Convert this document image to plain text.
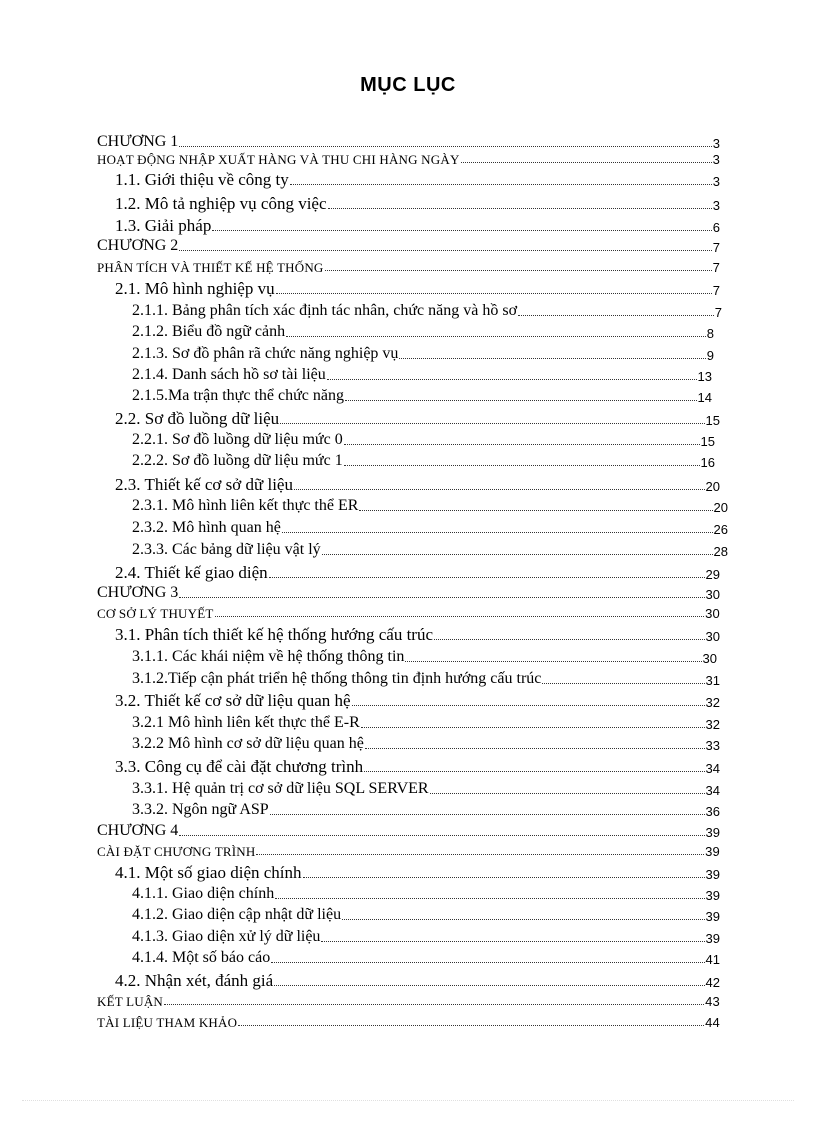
MỤC LỤC
CHƯƠNG 1	3
HOẠT ĐỘNG NHẬP XUẤT HÀNG VÀ THU CHI HÀNG NGÀY	3
1.1. Giới thiệu về công ty	3
1.2. Mô tả nghiệp vụ công việc	3
1.3. Giải pháp	6
CHƯƠNG 2	7
PHÂN TÍCH VÀ THIẾT KẾ HỆ THỐNG	7
2.1. Mô hình nghiệp vụ	7
2.1.1. Bảng phân tích xác định tác nhân, chức năng và hồ sơ	7
2.1.2. Biểu đồ ngữ cảnh	8
2.1.3. Sơ đồ phân rã chức năng nghiệp vụ	9
2.1.4. Danh sách hồ sơ tài liệu	13
2.1.5.Ma trận thực thể chức năng	14
2.2. Sơ đồ luồng dữ liệu	15
2.2.1. Sơ đồ luồng dữ liệu mức 0	15
2.2.2. Sơ đồ luồng dữ liệu mức 1	16
2.3. Thiết kế cơ sở dữ liệu	20
2.3.1. Mô hình liên kết thực thể ER	20
2.3.2. Mô hình quan hệ	26
2.3.3. Các bảng dữ liệu vật lý	28
2.4. Thiết kế giao diện	29
CHƯƠNG 3	30
CƠ SỞ LÝ THUYẾT	30
3.1. Phân tích thiết kế hệ thống hướng cấu trúc	30
3.1.1. Các khái niệm về hệ thống thông tin	30
3.1.2.Tiếp cận phát triển hệ thống thông tin định hướng cấu trúc	31
3.2. Thiết kế cơ sở dữ liệu quan hệ	32
3.2.1 Mô hình liên kết thực thể E-R	32
3.2.2 Mô hình cơ sở dữ liệu quan hệ	33
3.3. Công cụ để cài đặt chương trình	34
3.3.1. Hệ quản trị cơ sở dữ liệu SQL SERVER	34
3.3.2. Ngôn ngữ ASP	36
CHƯƠNG 4	39
CÀI ĐẶT CHƯƠNG TRÌNH	39
4.1. Một số giao diện chính	39
4.1.1. Giao diện chính	39
4.1.2. Giao diện cập nhật dữ liệu	39
4.1.3. Giao diện xử lý dữ liệu	39
4.1.4. Một số báo cáo	41
4.2. Nhận xét, đánh giá	42
KẾT LUẬN	43
TÀI LIỆU THAM KHẢO	44
